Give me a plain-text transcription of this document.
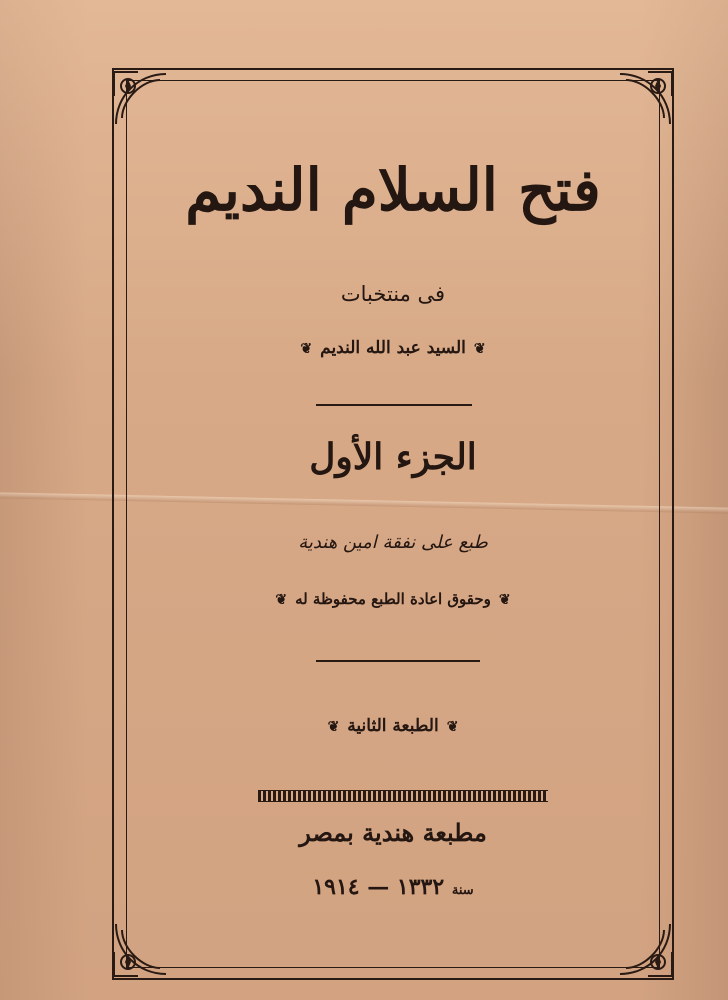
فتح السلام النديم
فى منتخبات
❦السيد عبد الله النديم❦
الجزء الأول
طبع على نفقة امين هندية
❦وحقوق اعادة الطبع محفوظة له❦
❦الطبعة الثانية❦
مطبعة هندية بمصر
سنة ١٣٣٢ — ١٩١٤
